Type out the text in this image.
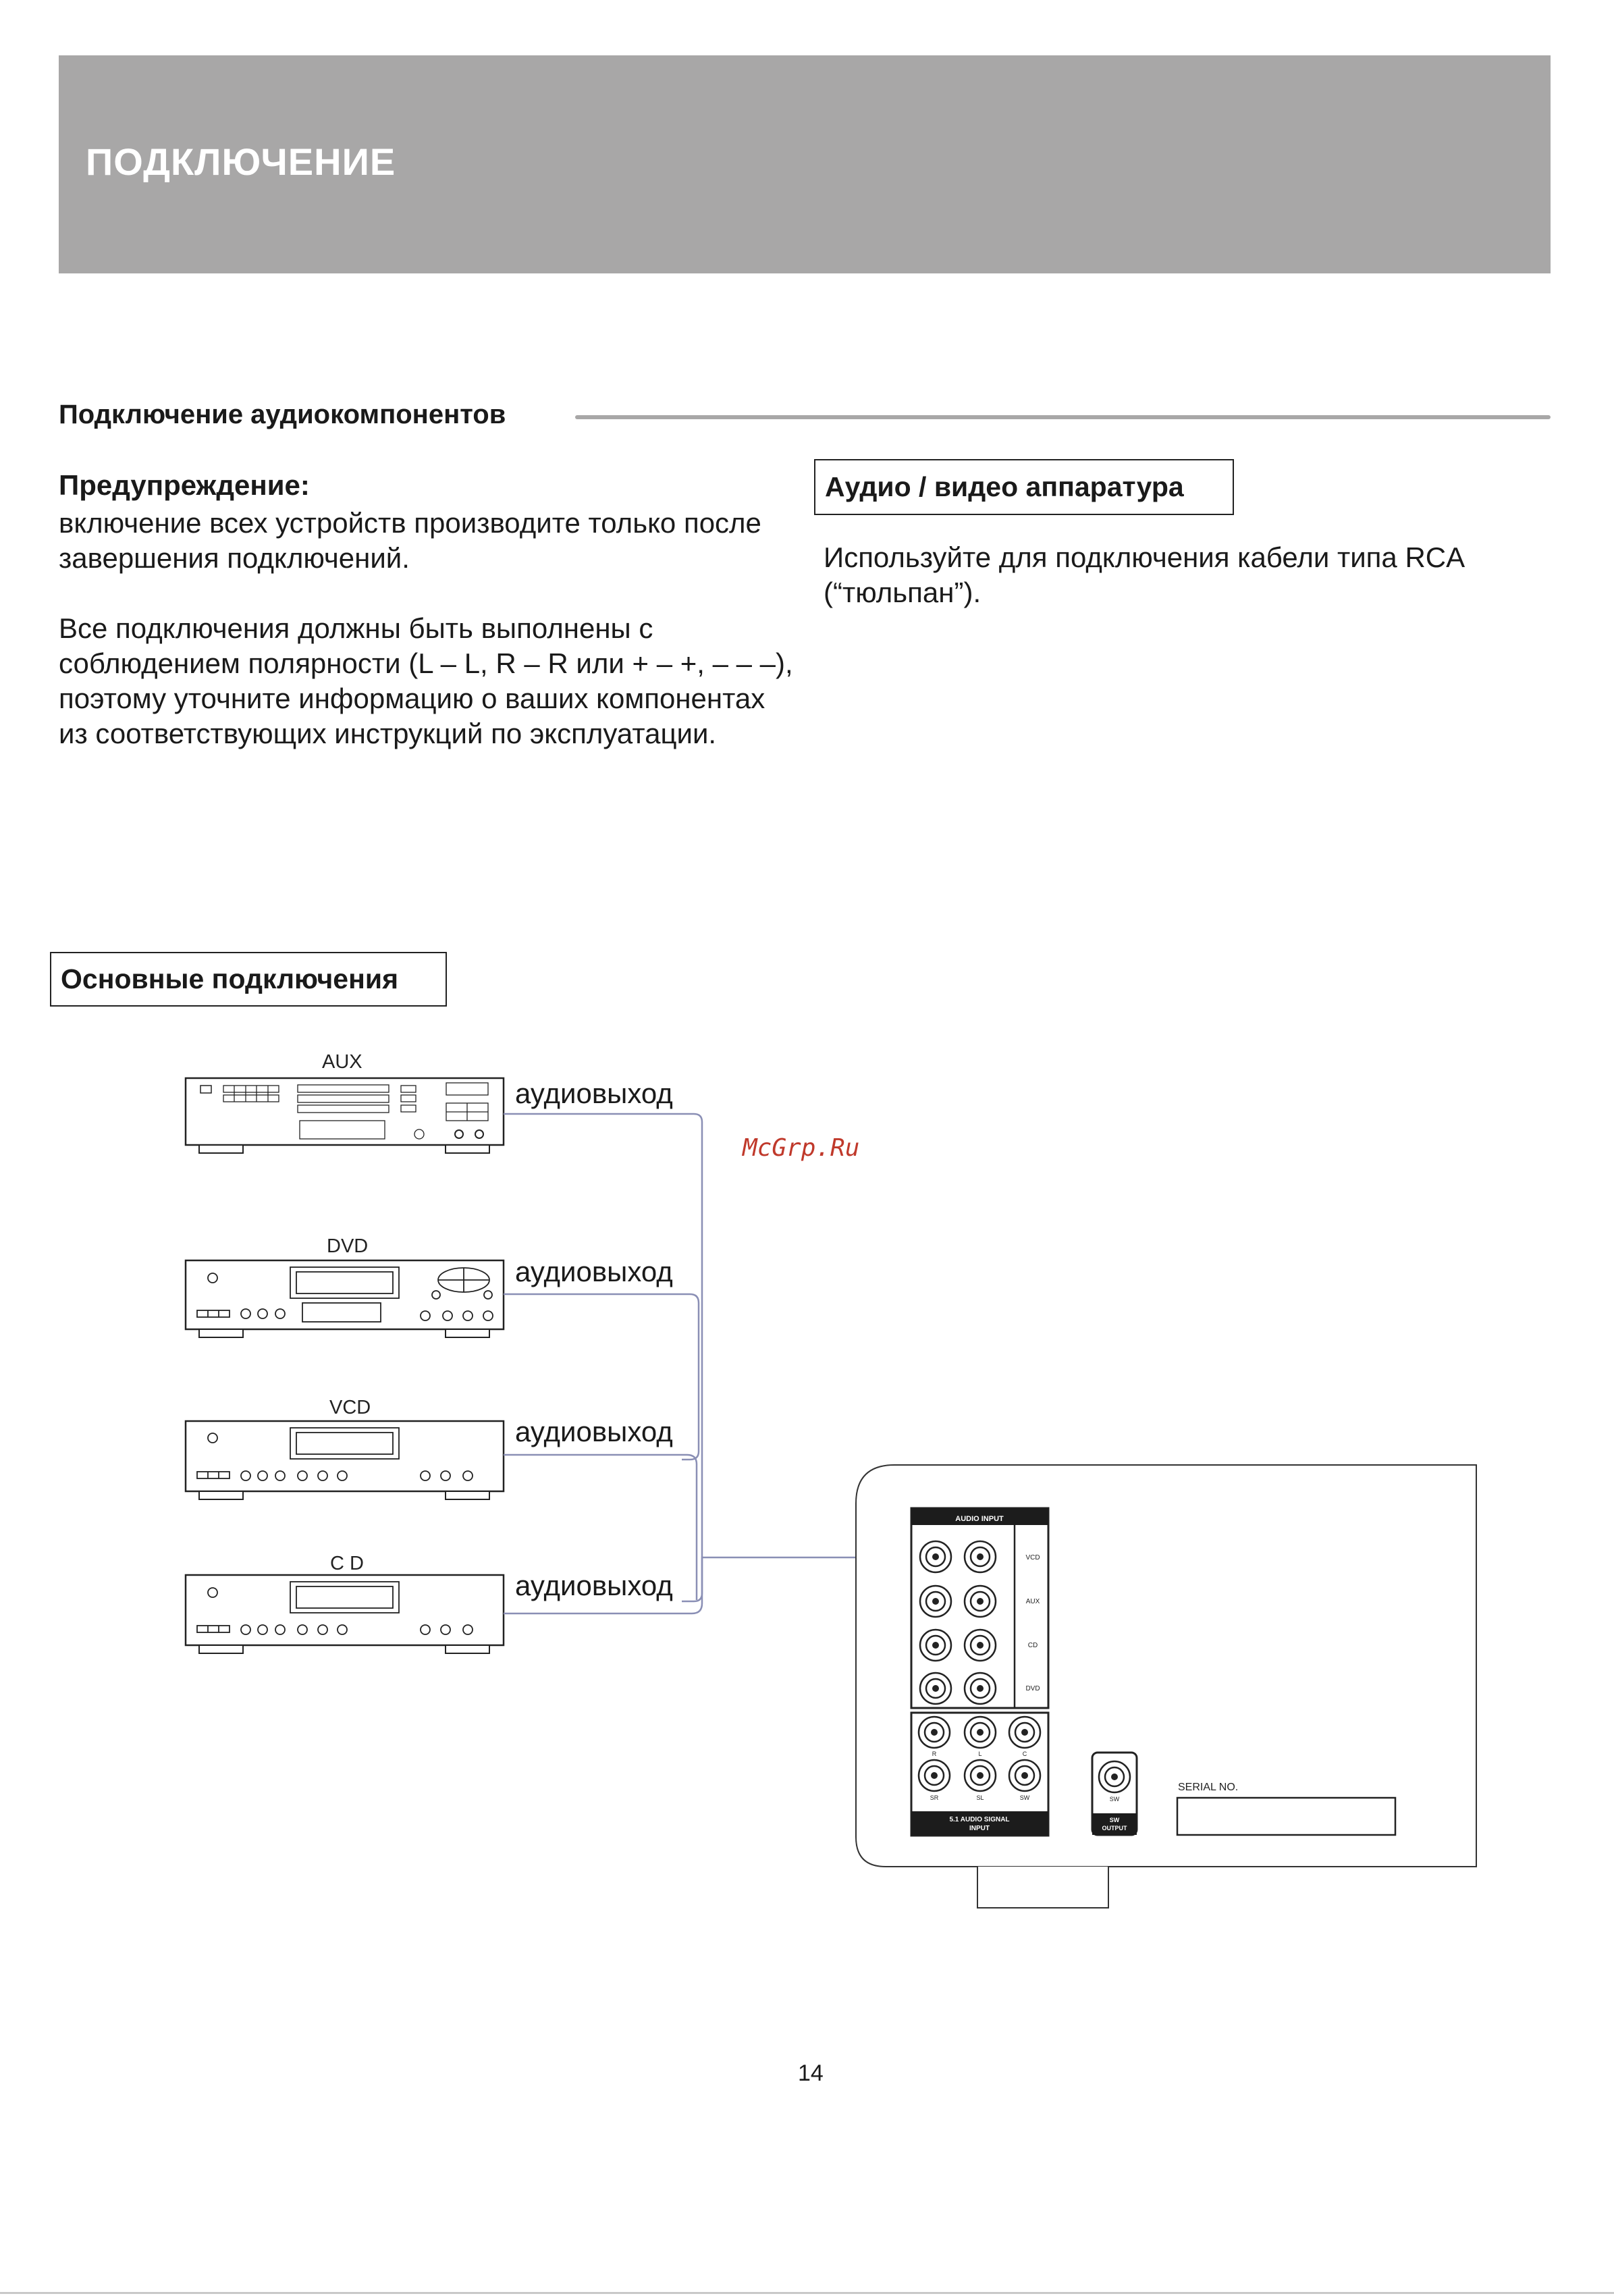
ПОДКЛЮЧЕНИЕ
Подключение аудиокомпонентов
Предупреждение:

включение всех устройств производите только после завершения подключений.

Все подключения должны быть выполнены с соблюдением полярности (L – L, R – R или + – +, – – –), поэтому уточните информацию о ваших компонентах из соответствующих инструкций по эксплуатации.

Аудио / видео аппаратура

Используйте для подключения кабели типа RCA (“тюльпан”).

Основные подключения
McGrp.Ru
AUX
аудиовыход
DVD
аудиовыход
VCD
аудиовыход
C D
аудиовыход
AUDIO INPUT
VCD
AUX
CD
DVD
R	L	C
SR	SL	SW
5.1 AUDIO SIGNAL
INPUT
SW
SW
OUTPUT
SERIAL NO.
14
